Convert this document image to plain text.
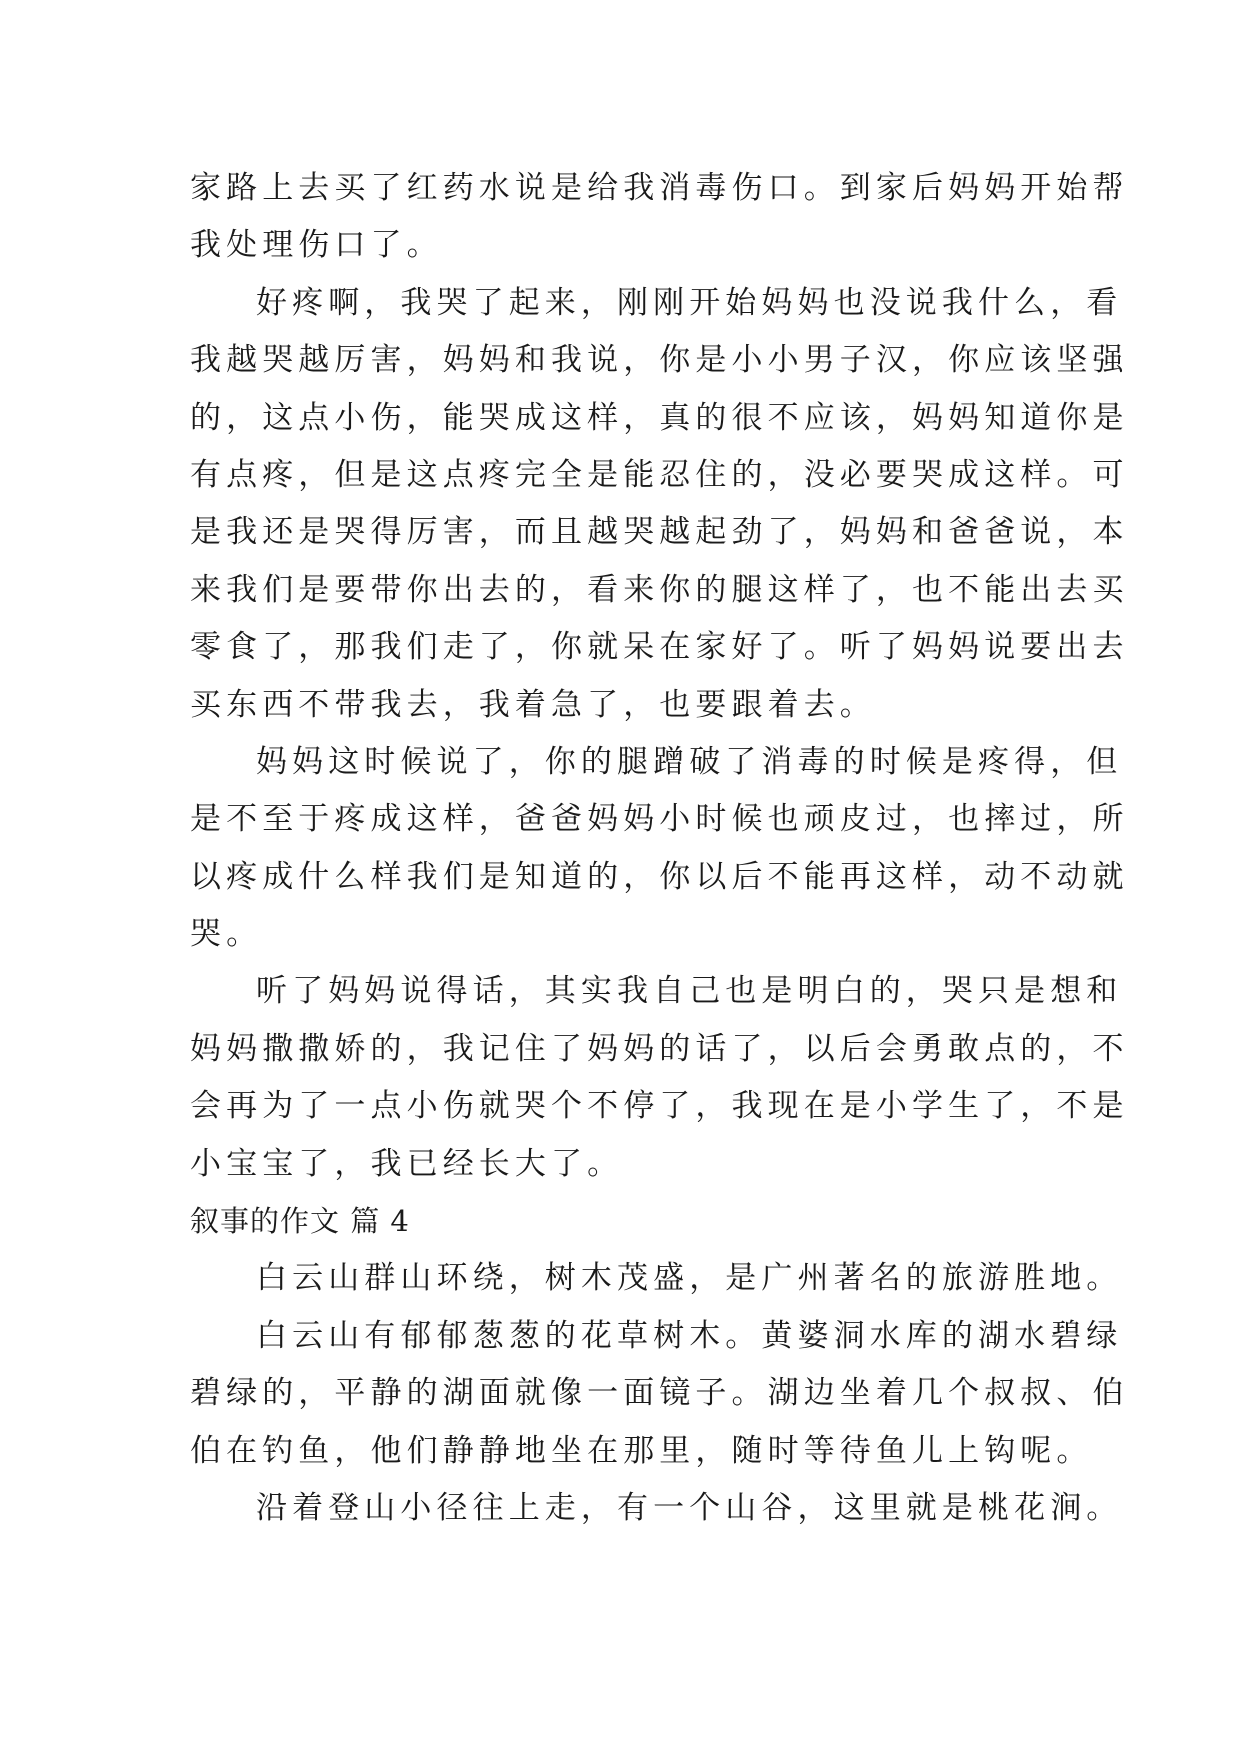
家路上去买了红药水说是给我消毒伤口。到家后妈妈开始帮
我处理伤口了。
好疼啊，我哭了起来，刚刚开始妈妈也没说我什么，看
我越哭越厉害，妈妈和我说，你是小小男子汉，你应该坚强
的，这点小伤，能哭成这样，真的很不应该，妈妈知道你是
有点疼，但是这点疼完全是能忍住的，没必要哭成这样。可
是我还是哭得厉害，而且越哭越起劲了，妈妈和爸爸说，本
来我们是要带你出去的，看来你的腿这样了，也不能出去买
零食了，那我们走了，你就呆在家好了。听了妈妈说要出去
买东西不带我去，我着急了，也要跟着去。
妈妈这时候说了，你的腿蹭破了消毒的时候是疼得，但
是不至于疼成这样，爸爸妈妈小时候也顽皮过，也摔过，所
以疼成什么样我们是知道的，你以后不能再这样，动不动就
哭。
听了妈妈说得话，其实我自己也是明白的，哭只是想和
妈妈撒撒娇的，我记住了妈妈的话了，以后会勇敢点的，不
会再为了一点小伤就哭个不停了，我现在是小学生了，不是
小宝宝了，我已经长大了。
叙事的作文 篇 4
白云山群山环绕，树木茂盛，是广州著名的旅游胜地。
白云山有郁郁葱葱的花草树木。黄婆洞水库的湖水碧绿
碧绿的，平静的湖面就像一面镜子。湖边坐着几个叔叔、伯
伯在钓鱼，他们静静地坐在那里，随时等待鱼儿上钩呢。
沿着登山小径往上走，有一个山谷，这里就是桃花涧。
